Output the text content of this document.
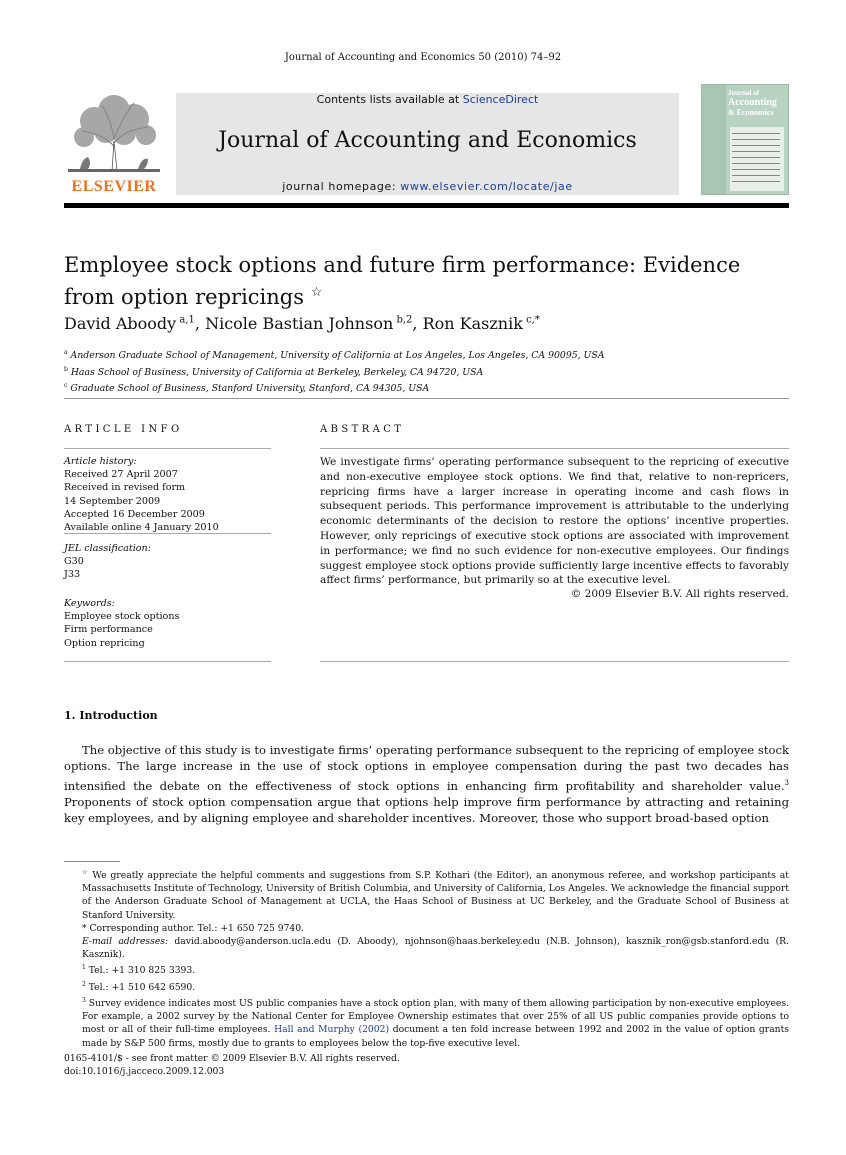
Journal of Accounting and Economics 50 (2010) 74–92
ELSEVIER
Contents lists available at ScienceDirect
Journal of Accounting and Economics
journal homepage: www.elsevier.com/locate/jae
Journal of
Accounting
& Economics
Employee stock options and future firm performance: Evidence from option repricings ☆
David Aboody $^{a,1}$, Nicole Bastian Johnson $^{b,2}$, Ron Kasznik $^{c,*}$
$^a$ Anderson Graduate School of Management, University of California at Los Angeles, Los Angeles, CA 90095, USA
$^b$ Haas School of Business, University of California at Berkeley, Berkeley, CA 94720, USA
$^c$ Graduate School of Business, Stanford University, Stanford, CA 94305, USA
ARTICLE INFO
Article history:
Received 27 April 2007
Received in revised form
14 September 2009
Accepted 16 December 2009
Available online 4 January 2010
JEL classification:
G30
J33
Keywords:
Employee stock options
Firm performance
Option repricing
ABSTRACT
We investigate firms’ operating performance subsequent to the repricing of executive and non-executive employee stock options. We find that, relative to non-repricers, repricing firms have a larger increase in operating income and cash flows in subsequent periods. This performance improvement is attributable to the underlying economic determinants of the decision to restore the options’ incentive properties. However, only repricings of executive stock options are associated with improvement in performance; we find no such evidence for non-executive employees. Our findings suggest employee stock options provide sufficiently large incentive effects to favorably affect firms’ performance, but primarily so at the executive level.
© 2009 Elsevier B.V. All rights reserved.
1. Introduction
The objective of this study is to investigate firms’ operating performance subsequent to the repricing of employee stock options. The large increase in the use of stock options in employee compensation during the past two decades has intensified the debate on the effectiveness of stock options in enhancing firm profitability and shareholder value.$^3$ Proponents of stock option compensation argue that options help improve firm performance by attracting and retaining key employees, and by aligning employee and shareholder incentives. Moreover, those who support broad-based option

☆ We greatly appreciate the helpful comments and suggestions from S.P. Kothari (the Editor), an anonymous referee, and workshop participants at Massachusetts Institute of Technology, University of British Columbia, and University of California, Los Angeles. We acknowledge the financial support of the Anderson Graduate School of Management at UCLA, the Haas School of Business at UC Berkeley, and the Graduate School of Business at Stanford University.

* Corresponding author. Tel.: +1 650 725 9740.

E-mail addresses: david.aboody@anderson.ucla.edu (D. Aboody), njohnson@haas.berkeley.edu (N.B. Johnson), kasznik_ron@gsb.stanford.edu (R. Kasznik).

$^1$ Tel.: +1 310 825 3393.

$^2$ Tel.: +1 510 642 6590.

$^3$ Survey evidence indicates most US public companies have a stock option plan, with many of them allowing participation by non-executive employees. For example, a 2002 survey by the National Center for Employee Ownership estimates that over 25% of all US public companies provide options to most or all of their full-time employees. Hall and Murphy (2002) document a ten fold increase between 1992 and 2002 in the value of option grants made by S&P 500 firms, mostly due to grants to employees below the top-five executive level.

0165-4101/$ - see front matter © 2009 Elsevier B.V. All rights reserved.
doi:10.1016/j.jacceco.2009.12.003
